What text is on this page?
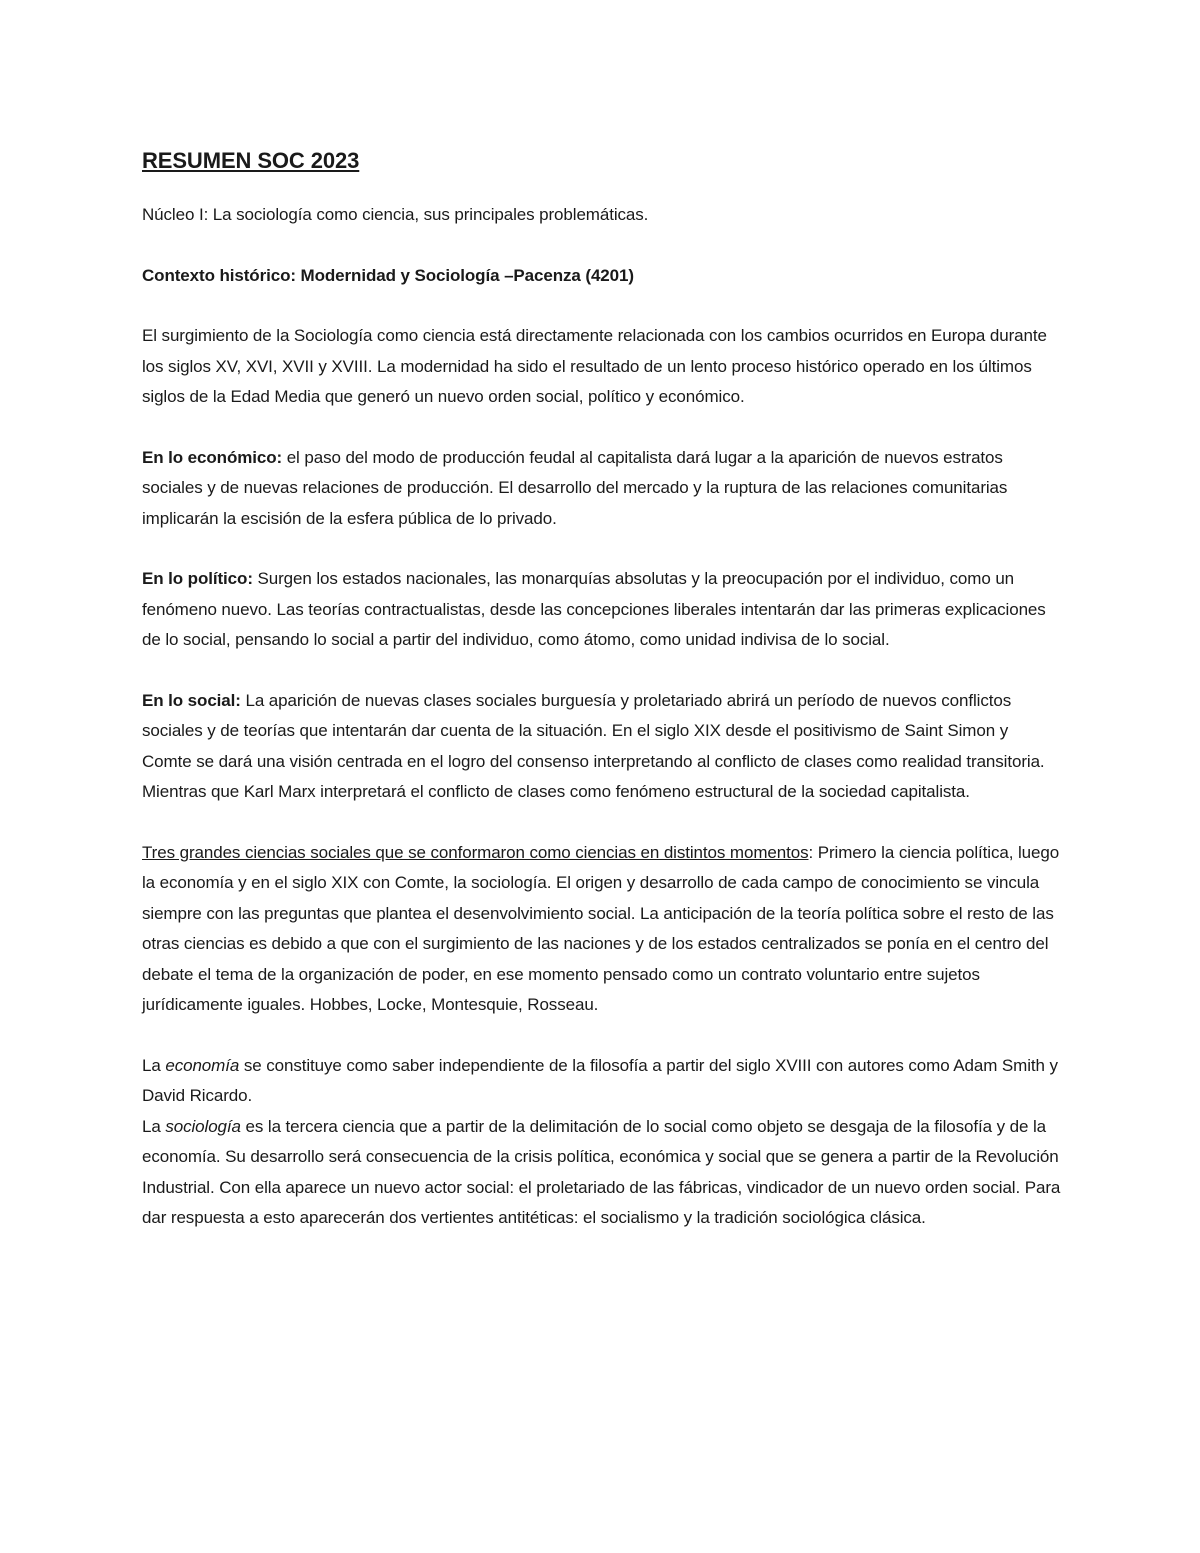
RESUMEN SOC 2023

Núcleo I: La sociología como ciencia, sus principales problemáticas.

Contexto histórico: Modernidad y Sociología –Pacenza (4201)

El surgimiento de la Sociología como ciencia está directamente relacionada con los cambios ocurridos en Europa durante los siglos XV, XVI, XVII y XVIII. La modernidad ha sido el resultado de un lento proceso histórico operado en los últimos siglos de la Edad Media que generó un nuevo orden social, político y económico.

En lo económico: el paso del modo de producción feudal al capitalista dará lugar a la aparición de nuevos estratos sociales y de nuevas relaciones de producción. El desarrollo del mercado y la ruptura de las relaciones comunitarias implicarán la escisión de la esfera pública de lo privado.

En lo político: Surgen los estados nacionales, las monarquías absolutas y la preocupación por el individuo, como un fenómeno nuevo. Las teorías contractualistas, desde las concepciones liberales intentarán dar las primeras explicaciones de lo social, pensando lo social a partir del individuo, como átomo, como unidad indivisa de lo social.

En lo social: La aparición de nuevas clases sociales burguesía y proletariado abrirá un período de nuevos conflictos sociales y de teorías que intentarán dar cuenta de la situación. En el siglo XIX desde el positivismo de Saint Simon y Comte se dará una visión centrada en el logro del consenso interpretando al conflicto de clases como realidad transitoria. Mientras que Karl Marx interpretará el conflicto de clases como fenómeno estructural de la sociedad capitalista.

Tres grandes ciencias sociales que se conformaron como ciencias en distintos momentos: Primero la ciencia política, luego la economía y en el siglo XIX con Comte, la sociología. El origen y desarrollo de cada campo de conocimiento se vincula siempre con las preguntas que plantea el desenvolvimiento social. La anticipación de la teoría política sobre el resto de las otras ciencias es debido a que con el surgimiento de las naciones y de los estados centralizados se ponía en el centro del debate el tema de la organización de poder, en ese momento pensado como un contrato voluntario entre sujetos jurídicamente iguales. Hobbes, Locke, Montesquie, Rosseau.

La economía se constituye como saber independiente de la filosofía a partir del siglo XVIII con autores como Adam Smith y David Ricardo.

La sociología es la tercera ciencia que a partir de la delimitación de lo social como objeto se desgaja de la filosofía y de la economía. Su desarrollo será consecuencia de la crisis política, económica y social que se genera a partir de la Revolución Industrial. Con ella aparece un nuevo actor social: el proletariado de las fábricas, vindicador de un nuevo orden social. Para dar respuesta a esto aparecerán dos vertientes antitéticas: el socialismo y la tradición sociológica clásica.
